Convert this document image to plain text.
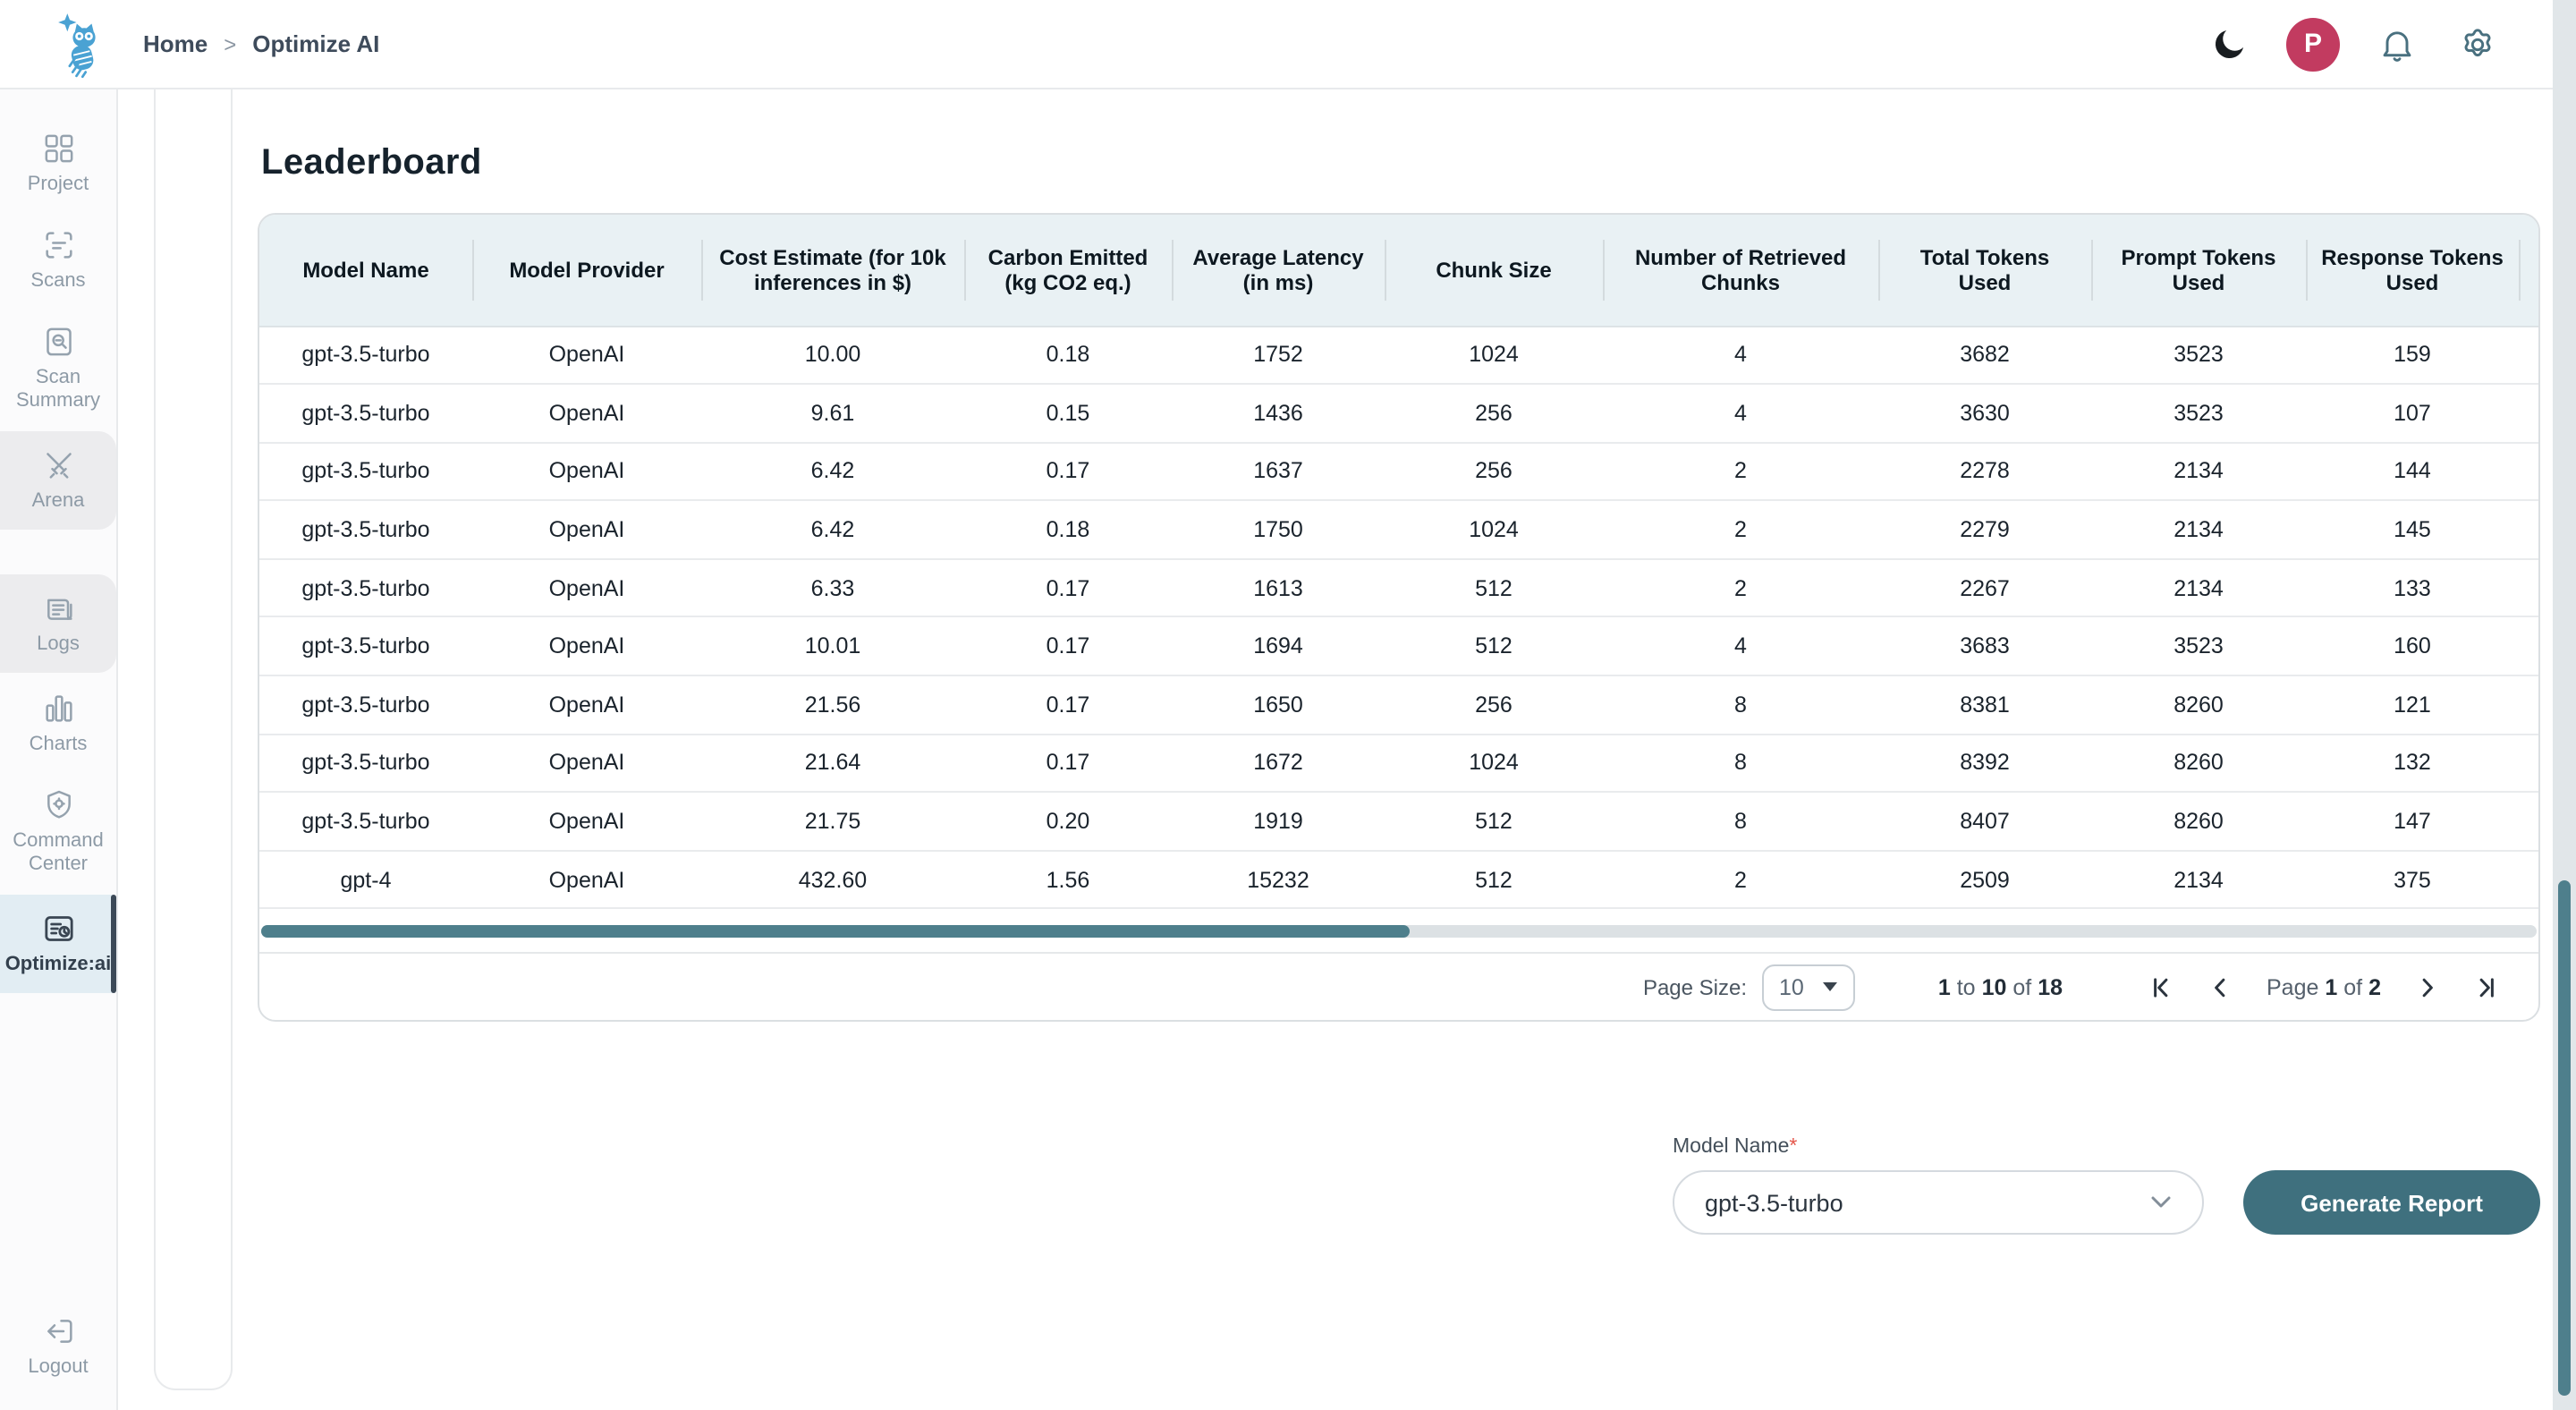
Home > Optimize AI	P
Project
Scans
Scan Summary
Arena
Logs
Charts
Command Center
Optimize:ai
Logout
Leaderboard
Model Name	Model Provider	Cost Estimate (for 10k inferences in $)	Carbon Emitted (kg CO2 eq.)	Average Latency (in ms)	Chunk Size	Number of Retrieved Chunks	Total Tokens Used	Prompt Tokens Used	Response Tokens Used	
gpt-3.5-turbo	OpenAI	10.00	0.18	1752	1024	4	3682	3523	159	
gpt-3.5-turbo	OpenAI	9.61	0.15	1436	256	4	3630	3523	107	
gpt-3.5-turbo	OpenAI	6.42	0.17	1637	256	2	2278	2134	144	
gpt-3.5-turbo	OpenAI	6.42	0.18	1750	1024	2	2279	2134	145	
gpt-3.5-turbo	OpenAI	6.33	0.17	1613	512	2	2267	2134	133	
gpt-3.5-turbo	OpenAI	10.01	0.17	1694	512	4	3683	3523	160	
gpt-3.5-turbo	OpenAI	21.56	0.17	1650	256	8	8381	8260	121	
gpt-3.5-turbo	OpenAI	21.64	0.17	1672	1024	8	8392	8260	132	
gpt-3.5-turbo	OpenAI	21.75	0.20	1919	512	8	8407	8260	147	
gpt-4	OpenAI	432.60	1.56	15232	512	2	2509	2134	375	
Page Size:	10	1 to 10 of 18	Page 1 of 2
Model Name*
gpt-3.5-turbo	Generate Report
